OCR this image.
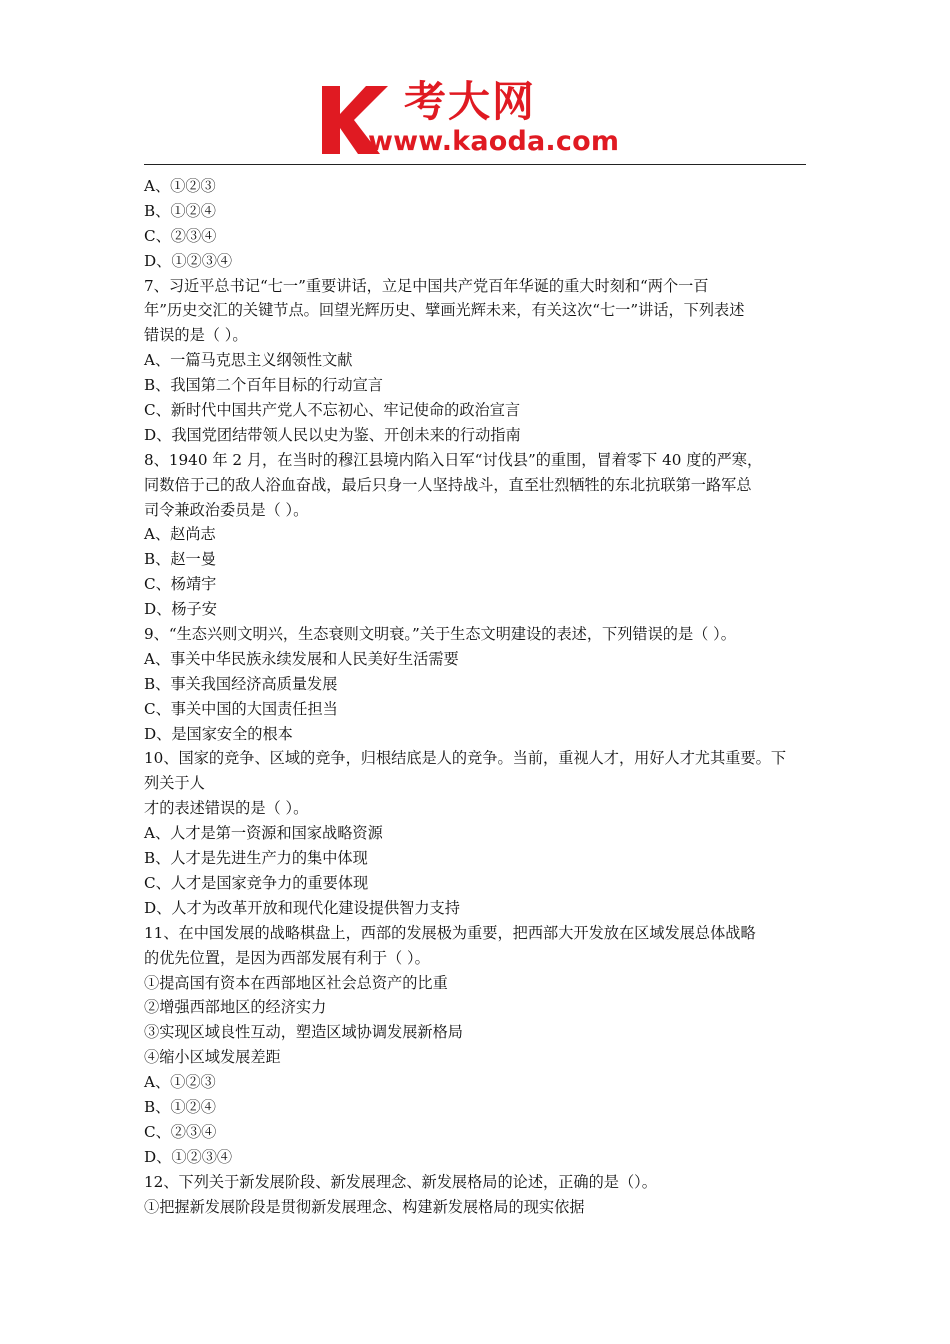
考大网
www.kaoda.com
A、①②③
B、①②④
C、②③④
D、①②③④
7、习近平总书记“七一”重要讲话，立足中国共产党百年华诞的重大时刻和“两个一百
年”历史交汇的关键节点。回望光辉历史、擘画光辉未来，有关这次“七一”讲话，下列表述
错误的是（ ）。
A、一篇马克思主义纲领性文献
B、我国第二个百年目标的行动宣言
C、新时代中国共产党人不忘初心、牢记使命的政治宣言
D、我国党团结带领人民以史为鉴、开创未来的行动指南
8、1940 年 2 月，在当时的穆江县境内陷入日军“讨伐县”的重围，冒着零下 40 度的严寒，
同数倍于己的敌人浴血奋战，最后只身一人坚持战斗，直至壮烈牺牲的东北抗联第一路军总
司令兼政治委员是（ ）。
A、赵尚志
B、赵一曼
C、杨靖宇
D、杨子安
9、“生态兴则文明兴，生态衰则文明衰。”关于生态文明建设的表述，下列错误的是（ ）。
A、事关中华民族永续发展和人民美好生活需要
B、事关我国经济高质量发展
C、事关中国的大国责任担当
D、是国家安全的根本
10、国家的竞争、区域的竞争，归根结底是人的竞争。当前，重视人才，用好人才尤其重要。下
列关于人
才的表述错误的是（ ）。
A、人才是第一资源和国家战略资源
B、人才是先进生产力的集中体现
C、人才是国家竞争力的重要体现
D、人才为改革开放和现代化建设提供智力支持
11、在中国发展的战略棋盘上，西部的发展极为重要，把西部大开发放在区域发展总体战略
的优先位置，是因为西部发展有利于（ ）。
①提高国有资本在西部地区社会总资产的比重
②增强西部地区的经济实力
③实现区域良性互动，塑造区域协调发展新格局
④缩小区域发展差距
A、①②③
B、①②④
C、②③④
D、①②③④
12、下列关于新发展阶段、新发展理念、新发展格局的论述，正确的是（）。
①把握新发展阶段是贯彻新发展理念、构建新发展格局的现实依据
